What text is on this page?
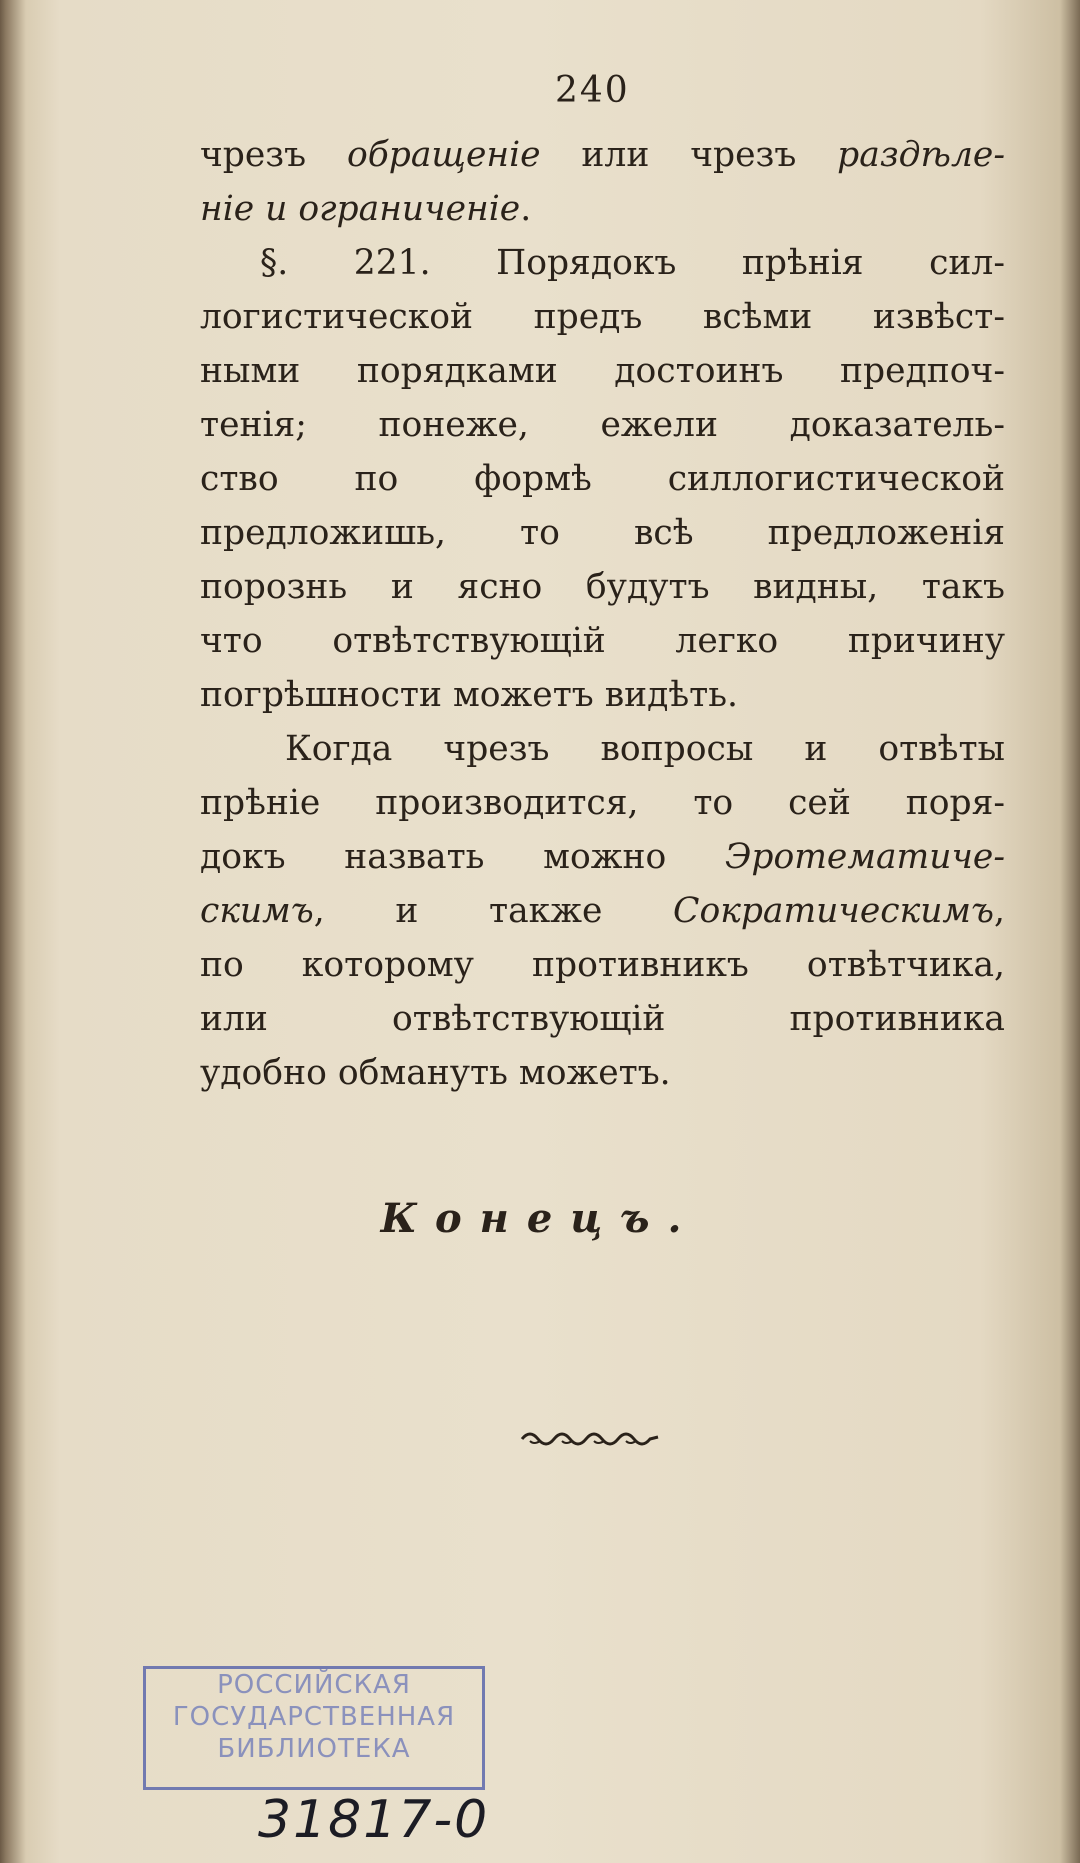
240
чрезъ обращенiе или чрезъ раздѣле-
нiе и ограниченiе.
§. 221. Порядокъ прѣнiя сил-
логистической предъ всѣми извѣст-
ными порядками достоинъ предпоч-
тенiя; понеже, ежели доказатель-
ство по формѣ силлогистической
предложишь, то всѣ предложенiя
порознь и ясно будутъ видны, такъ
что отвѣтствующiй легко причину
погрѣшности можетъ видѣть.
Когда чрезъ вопросы и отвѣты
прѣнiе производится, то сей поря-
докъ назвать можно Эротематиче-
скимъ, и также Сократическимъ,
по которому противникъ отвѣтчика,
или отвѣтствующiй противника
удобно обмануть можетъ.
Конецъ.
РОССИЙСКАЯ
ГОСУДАРСТВЕННАЯ
БИБЛИОТЕКА
31817-0
